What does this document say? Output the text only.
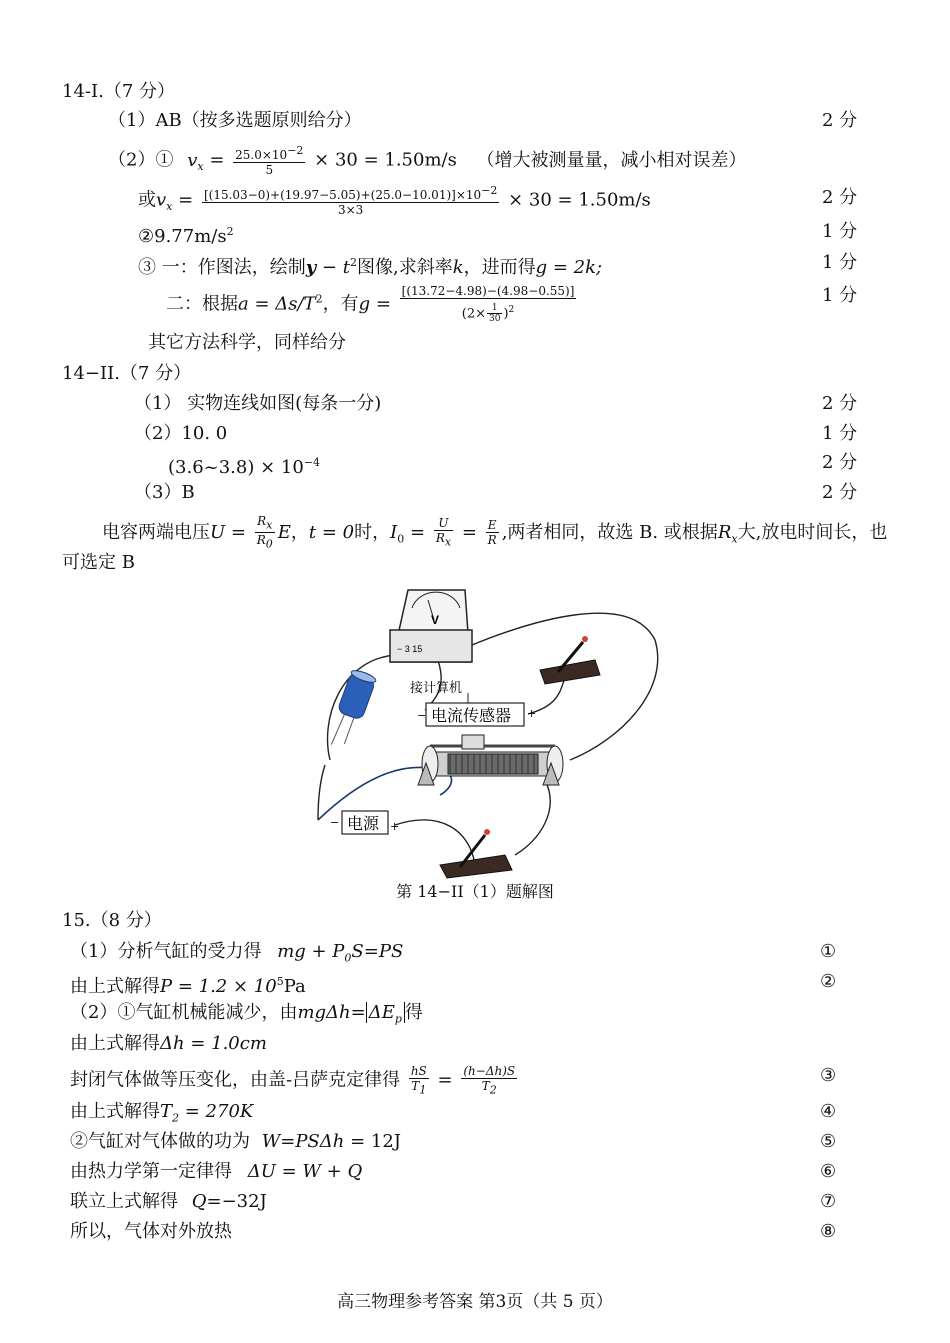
14-I.（7 分）
（1）AB（按多选题原则给分）	2 分
（2）① $v_x = \frac{25.0\times 10-2}{5} \times 30 = 1.50m/s$ （增大被测量量，减小相对误差）
或$v_x = \frac{[(15.03-0)+(19.97-5.05)+(25.0-10.01)]\times 10-2}{3\times 3} \times 30 = 1.50m/s$	2 分
$②9.77m/s^2$	1 分
③ 一：作图法，绘制$y - t^2$图像,求斜率k，进而得g = 2k;	1 分
二：根据$a = \Delta s/T^2$，有$g = \frac{[(13.72-4.98)-(4.98-0.55)]}{(2\times \frac{1}{30} )^2}$	1 分
其它方法科学，同样给分
14−II.（7 分）
（1） 实物连线如图(每条一分)	2 分
（2）10. 0	1 分
(3.6~3.8) × $10^{-4}$	2 分
（3）B	2 分
电容两端电压$U = \frac{Rx}{R0}$ E，t = 0时，$I_0 = \frac{U}{Rx} = \frac{E}{R}$ ,两者相同，故选 B. 或根据$R_x$大,放电时间长，也
可选定 B
V
− 3 15
接计算机
− 电流传感器 +
− 电源 +
第 14−II（1）题解图
15.（8 分）
（1）分析气缸的受力得 mg + $P_0S=PS$	①
由上式解得$P = 1.2 \times 10^5Pa$	②
（2）①气缸机械能减少，由$mg\Delta h= \Delta E_p$ 得
由上式解得Δh = 1.0cm
封闭气体做等压变化，由盖-吕萨克定律得 $\frac{hS}{T1} = \frac{(h-\Delta h)S}{T2}$	③
由上式解得$T_2 = 270K$	④
②气缸对气体做的功为 W=PSΔh = 12J	⑤
由热力学第一定律得 ΔU = W + Q	⑥
联立上式解得 Q=−32J	⑦
所以，气体对外放热	⑧
高三物理参考答案 第3页（共 5 页）
